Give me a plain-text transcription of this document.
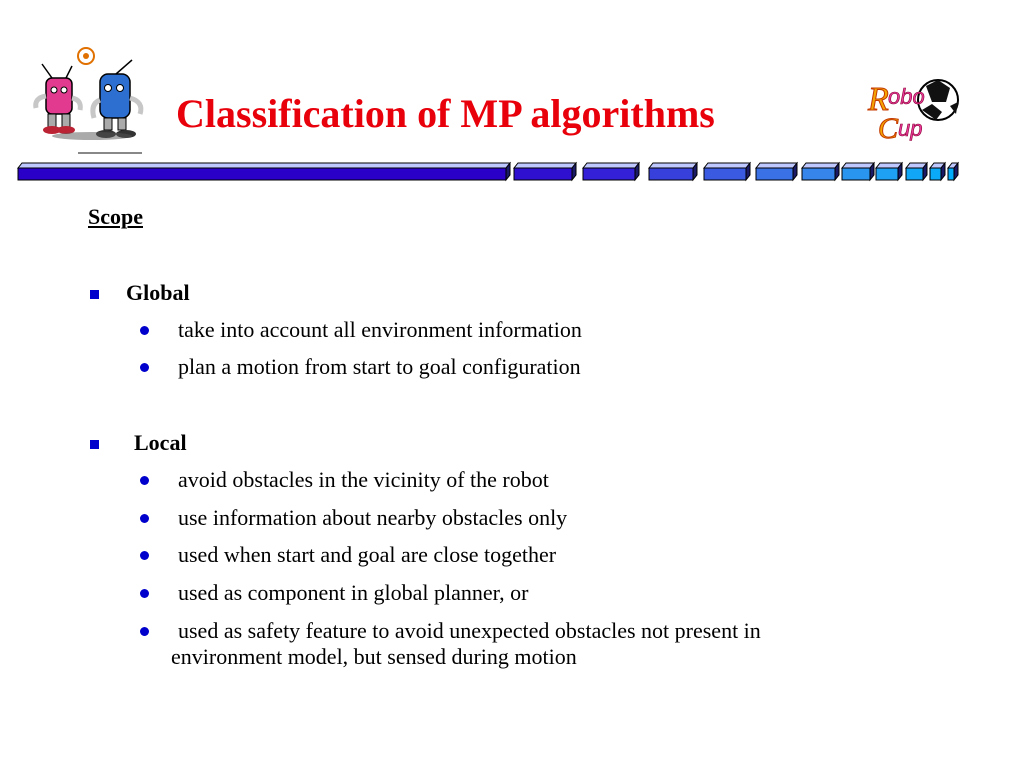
Classification of MP algorithms	R obo
C up
Scope
Global
take into account all environment information
plan a motion from start to goal configuration
Local
avoid obstacles in the vicinity of the robot
use information about nearby obstacles only
used when start and goal are close together
used as component in global planner, or
used as safety feature to avoid unexpected obstacles not present in
environment model, but sensed during motion
